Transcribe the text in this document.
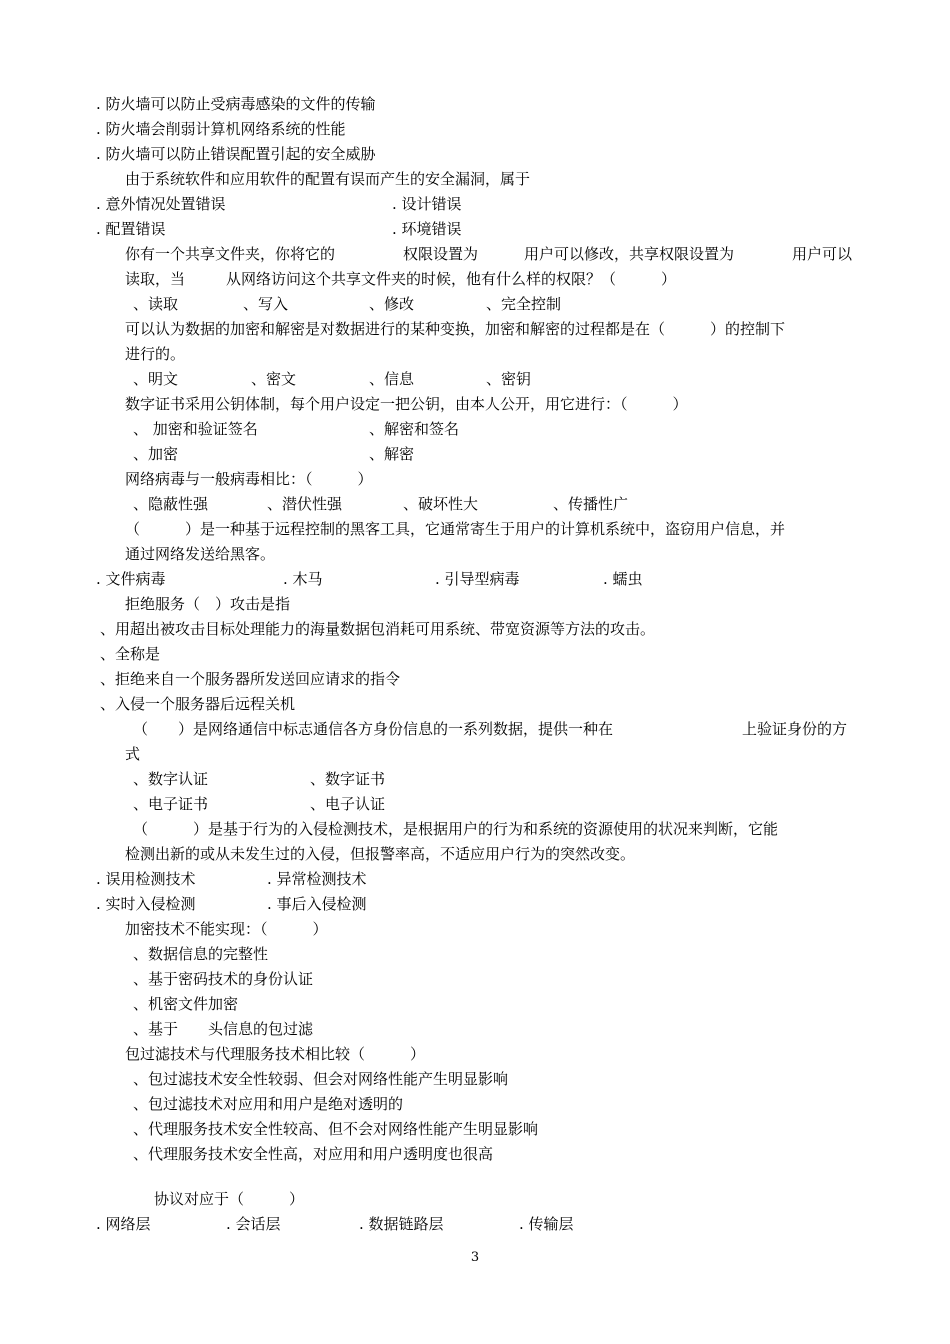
. 防火墙可以防止受病毒感染的文件的传输
. 防火墙会削弱计算机网络系统的性能
. 防火墙可以防止错误配置引起的安全威胁
由于系统软件和应用软件的配置有误而产生的安全漏洞，属于
. 意外情况处置错误	. 设计错误
. 配置错误	. 环境错误
你有一个共享文件夹，你将它的	权限设置为	用户可以修改，共享权限设置为	用户可以
读取，当	从网络访问这个共享文件夹的时候，他有什么样的权限？（　　　）
、读取	、写入	、修改	、完全控制
可以认为数据的加密和解密是对数据进行的某种变换，加密和解密的过程都是在（　　　）的控制下
进行的。
、明文	、密文	、信息	、密钥
数字证书采用公钥体制，每个用户设定一把公钥，由本人公开，用它进行：（　　　）
、 加密和验证签名	、解密和签名
、加密	、解密
网络病毒与一般病毒相比：（　　　）
、隐蔽性强	、潜伏性强	、破坏性大	、传播性广
（　　　）是一种基于远程控制的黑客工具，它通常寄生于用户的计算机系统中，盗窃用户信息，并
通过网络发送给黑客。
. 文件病毒	. 木马	. 引导型病毒	. 蠕虫
拒绝服务（　）攻击是指
、用超出被攻击目标处理能力的海量数据包消耗可用系统、带宽资源等方法的攻击。
、全称是
、拒绝来自一个服务器所发送回应请求的指令
、入侵一个服务器后远程关机
（　　）是网络通信中标志通信各方身份信息的一系列数据，提供一种在	上验证身份的方
式
、数字认证	、数字证书
、电子证书	、电子认证
（　　　）是基于行为的入侵检测技术，是根据用户的行为和系统的资源使用的状况来判断，它能
检测出新的或从未发生过的入侵，但报警率高，不适应用户行为的突然改变。
. 误用检测技术	. 异常检测技术
. 实时入侵检测	. 事后入侵检测
加密技术不能实现：（　　　）
、数据信息的完整性
、基于密码技术的身份认证
、机密文件加密
、基于 头信息的包过滤
包过滤技术与代理服务技术相比较（　　　）
、包过滤技术安全性较弱、但会对网络性能产生明显影响
、包过滤技术对应用和用户是绝对透明的
、代理服务技术安全性较高、但不会对网络性能产生明显影响
、代理服务技术安全性高，对应用和用户透明度也很高
协议对应于（　　　）
. 网络层	. 会话层	. 数据链路层	. 传输层
3
